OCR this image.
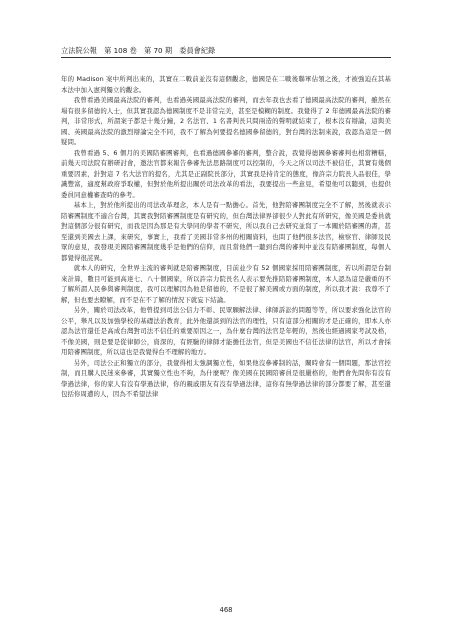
立法院公報　第 108 卷　第 70 期　委員會紀錄

年的 Madison 案中所判出來的，其實在二戰前並沒有這個觀念，德國是在二戰後聯軍佔領之後，才被強迫在其基本法中加入憲判獨立的觀念。

我曾看過美國最高法院的審判，也看過英國最高法院的審判，而去年我也去看了德國最高法院的審判，雖然在場有很多留德的人士，但其實我認為德國制度不是非常完美，甚至是模糊的制度。我覺得了 2 年德國最高法院的審判，非常形式，所謂案子都是十幾分鐘，2 名法官、1 名書判長只問兩造的聲明就結束了，根本沒有辯論，這與美國、英國最高法院的激烈辯論完全不同，我不了解為何要提名德國參留德的，對台灣的法制來說，我認為這是一個疑問。

我曾看過 5、6 個月的美國陪審團審判，也看過德國參審的審判，整合說，我覺得德國參審審判也相當糟糕，前幾天司法院有辦研討會，邀法官都來報告參審先法思路制度可以控制的，今天之所以司法不被信任，其實有幾個重要因素，針對這 7 名大法官的提名，尤其是正副院長部分，其實我是持肯定的態度，像許宗力院長人品很佳，學識豐富，適度幫政府爭取權，但對於他所提出關於司法改革的看法，我要提出一些意見，希望他可以聽到，也提供委員同意權審查時的參考。

基本上，對於他所提出的司法改革理念，本人是有一點擔心。首先，他對陪審團制度完全不了解，然後就表示陪審團制度不適合台灣，其實我對陪審團制度是有研究的，但台灣法律界卻很少人對此有所研究，像美國是委員就對這個部分很有研究，而我是因為那是有大學同的學者不研究，所以我自己去研究並寫了一本關於陪審團的書，甚至還到美國去上課，來研究，事實上，我看了美國非常多州的相關資料，也問了他們很多法官，檢察官、律師及民眾的意見，我發現美國陪審團制度幾乎是他們的信仰，而且當他們一聽到台灣的審判中並沒有陪審團制度，每個人都覺得很詫異。

就本人的研究，全世界主流的審判就是陪審團制度，目前並少有 52 個國家採用陪審團制度，若以所謂是台制來計算，數目可能到高達七、八十個國家，所以許宗力院長名人表示要先推陪陪審團制度，本人認為這是嚴重的不了解所謂人民參與審判制度，我可以理解因為他是留德的，不是很了解美國或方面的制度，所以我才說：我尊不了解，但也要去瞭解，而不是在不了解的情況下就妄下結論。

另外，關於司法改革，他曾提到司法公信力不彰、民眾願解法律、律師訴訟約問題等等，所以要求強化法官的公平，舉凡以及加強學校的基礎法治教育，此外他還談到的法官的理性，只有這部分相關的才是正確的，即本人亦認為法官還任是高成台灣對司法不信任的重要原因之一，為什麼台灣的法官是年輕的，然後也經過國家考試及格，不像美國，則是要是從律師公，資深的，有經驗的律師才能擔任法官，但是美國也不信任法律的法官，所以才會採用陪審團制度，所以這也是我覺得台不理解的地方。

另外，司法公正和獨立的部分，我覺得相太強調獨立性，如果他沒參審制的話，關時會有一個問題，那法官控制，而且購人民迷來參審，其實獨立性也不夠，為什麼呢？像美國在民國陪審員是很嚴格的，他們會先問你有沒有學過法律，你的家人有沒有學過法律，你的親戚朋友有沒有學過法律，這你有無學過法律的部分都要了解，甚至還包括你周遭的人，因為不希望法律

468
